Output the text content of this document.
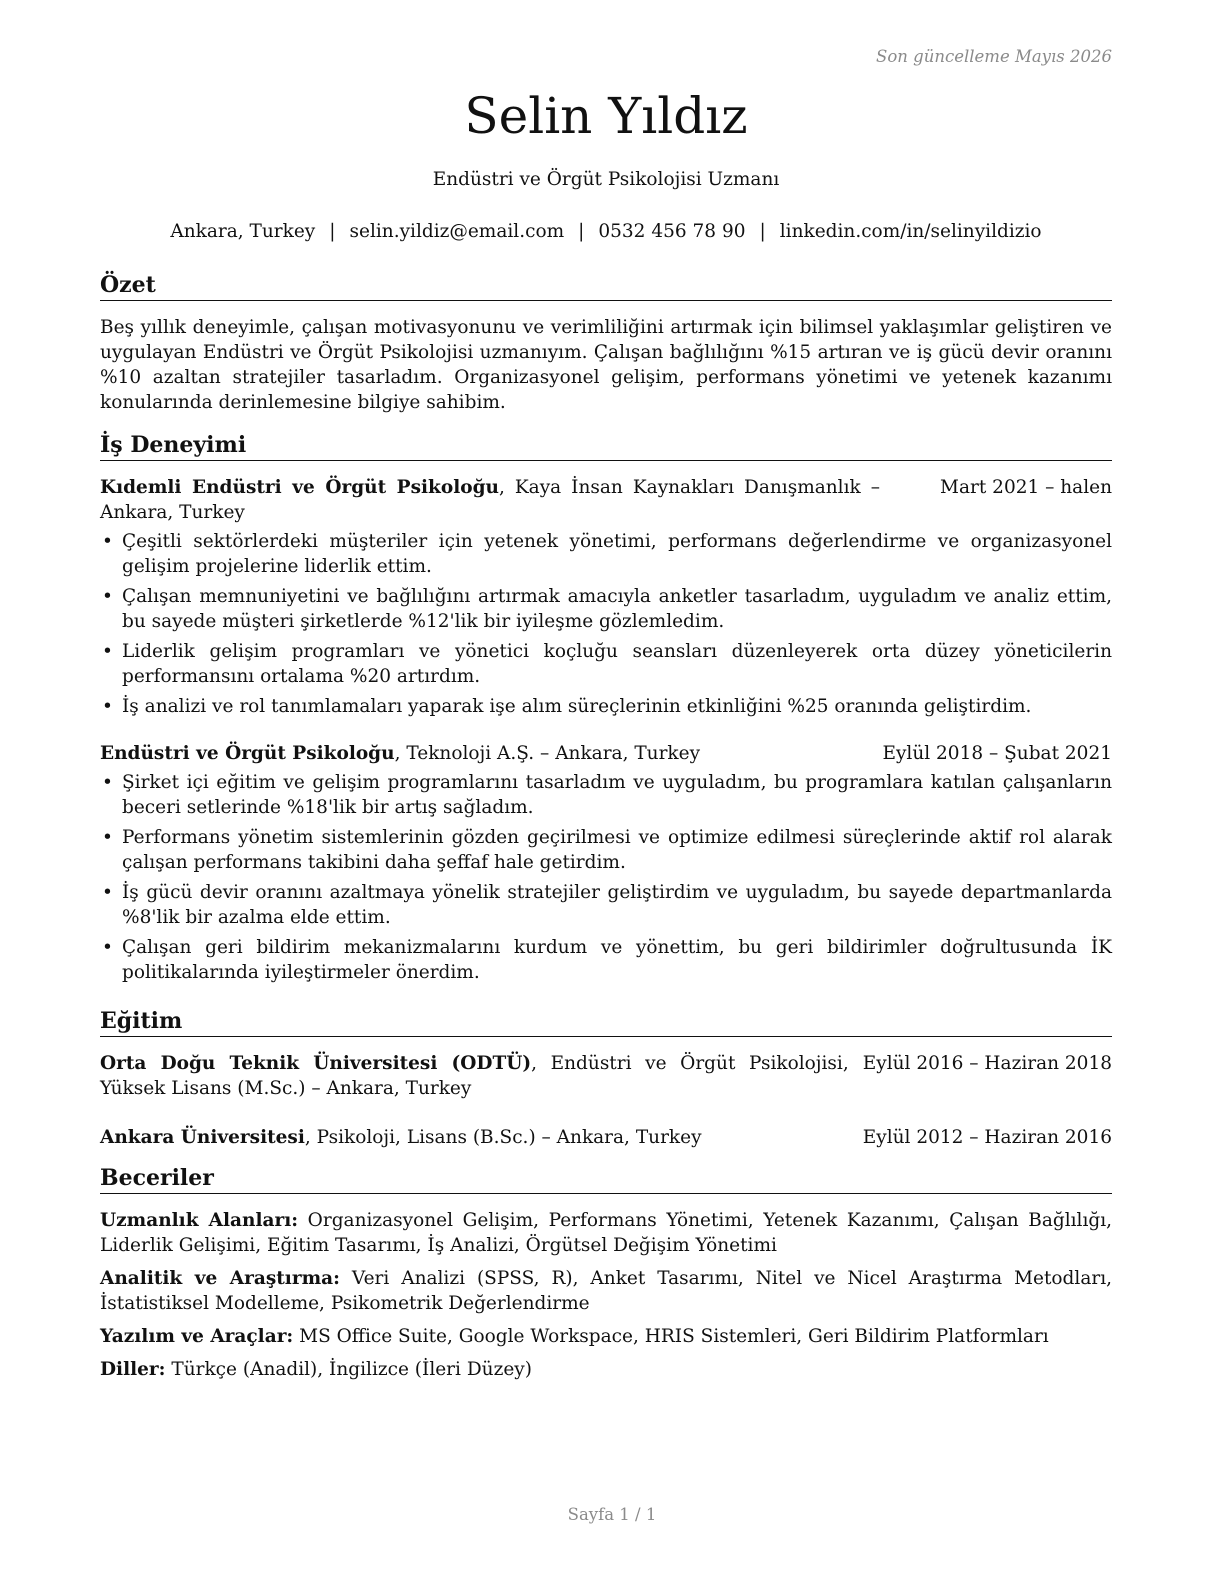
Son güncelleme Mayıs 2026
Selin Yıldız
Endüstri ve Örgüt Psikolojisi Uzmanı
Ankara, Turkey | selin.yildiz@email.com | 0532 456 78 90 | linkedin.com/in/selinyildizio
Özet
Beş yıllık deneyimle, çalışan motivasyonunu ve verimliliğini artırmak için bilimsel yaklaşımlar geliştiren ve uygulayan Endüstri ve Örgüt Psikolojisi uzmanıyım. Çalışan bağlılığını %15 artıran ve iş gücü devir oranını %10 azaltan stratejiler tasarladım. Organizasyonel gelişim, performans yönetimi ve yetenek kazanımı konularında derinlemesine bilgiye sahibim.
İş Deneyimi
Kıdemli Endüstri ve Örgüt Psikoloğu, Kaya İnsan Kaynakları Danışmanlık – Ankara, Turkey
Mart 2021 – halen
• Çeşitli sektörlerdeki müşteriler için yetenek yönetimi, performans değerlendirme ve organizasyonel gelişim projelerine liderlik ettim.
• Çalışan memnuniyetini ve bağlılığını artırmak amacıyla anketler tasarladım, uyguladım ve analiz ettim, bu sayede müşteri şirketlerde %12'lik bir iyileşme gözlemledim.
• Liderlik gelişim programları ve yönetici koçluğu seansları düzenleyerek orta düzey yöneticilerin performansını ortalama %20 artırdım.
• İş analizi ve rol tanımlamaları yaparak işe alım süreçlerinin etkinliğini %25 oranında geliştirdim.
Endüstri ve Örgüt Psikoloğu, Teknoloji A.Ş. – Ankara, Turkey	Eylül 2018 – Şubat 2021
• Şirket içi eğitim ve gelişim programlarını tasarladım ve uyguladım, bu programlara katılan çalışanların beceri setlerinde %18'lik bir artış sağladım.
• Performans yönetim sistemlerinin gözden geçirilmesi ve optimize edilmesi süreçlerinde aktif rol alarak çalışan performans takibini daha şeffaf hale getirdim.
• İş gücü devir oranını azaltmaya yönelik stratejiler geliştirdim ve uyguladım, bu sayede departmanlarda %8'lik bir azalma elde ettim.
• Çalışan geri bildirim mekanizmalarını kurdum ve yönettim, bu geri bildirimler doğrultusunda İK politikalarında iyileştirmeler önerdim.
Eğitim
Orta Doğu Teknik Üniversitesi (ODTÜ), Endüstri ve Örgüt Psikolojisi, Yüksek Lisans (M.Sc.) – Ankara, Turkey
Eylül 2016 – Haziran 2018
Ankara Üniversitesi, Psikoloji, Lisans (B.Sc.) – Ankara, Turkey	Eylül 2012 – Haziran 2016
Beceriler
Uzmanlık Alanları: Organizasyonel Gelişim, Performans Yönetimi, Yetenek Kazanımı, Çalışan Bağlılığı, Liderlik Gelişimi, Eğitim Tasarımı, İş Analizi, Örgütsel Değişim Yönetimi
Analitik ve Araştırma: Veri Analizi (SPSS, R), Anket Tasarımı, Nitel ve Nicel Araştırma Metodları, İstatistiksel Modelleme, Psikometrik Değerlendirme
Yazılım ve Araçlar: MS Office Suite, Google Workspace, HRIS Sistemleri, Geri Bildirim Platformları
Diller: Türkçe (Anadil), İngilizce (İleri Düzey)
Sayfa 1 / 1
